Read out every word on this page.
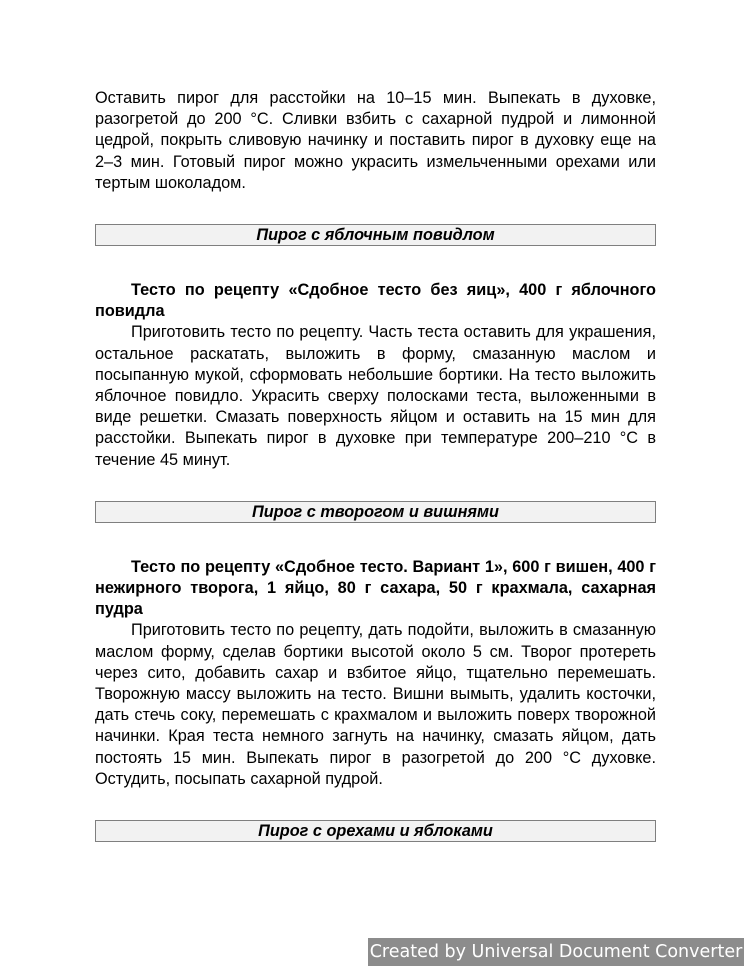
Оставить пирог для расстойки на 10–15 мин. Выпекать в духовке, разогретой до 200 °С. Сливки взбить с сахарной пудрой и лимонной цедрой, покрыть сливовую начинку и поставить пирог в духовку еще на 2–3 мин. Готовый пирог можно украсить измельченными орехами или тертым шоколадом.

Пирог с яблочным повидлом

Тесто по рецепту «Сдобное тесто без яиц», 400 г яблочного повидла

Приготовить тесто по рецепту. Часть теста оставить для украшения, остальное раскатать, выложить в форму, смазанную маслом и посыпанную мукой, сформовать небольшие бортики. На тесто выложить яблочное повидло. Украсить сверху полосками теста, выложенными в виде решетки. Смазать поверхность яйцом и оставить на 15 мин для расстойки. Выпекать пирог в духовке при температуре 200–210 °С в течение 45 минут.

Пирог с творогом и вишнями

Тесто по рецепту «Сдобное тесто. Вариант 1», 600 г вишен, 400 г нежирного творога, 1 яйцо, 80 г сахара, 50 г крахмала, сахарная пудра

Приготовить тесто по рецепту, дать подойти, выложить в смазанную маслом форму, сделав бортики высотой около 5 см. Творог протереть через сито, добавить сахар и взбитое яйцо, тщательно перемешать. Творожную массу выложить на тесто. Вишни вымыть, удалить косточки, дать стечь соку, перемешать с крахмалом и выложить поверх творожной начинки. Края теста немного загнуть на начинку, смазать яйцом, дать постоять 15 мин. Выпекать пирог в разогретой до 200 °С духовке. Остудить, посыпать сахарной пудрой.

Пирог с орехами и яблоками
Created by Universal Document Converter
